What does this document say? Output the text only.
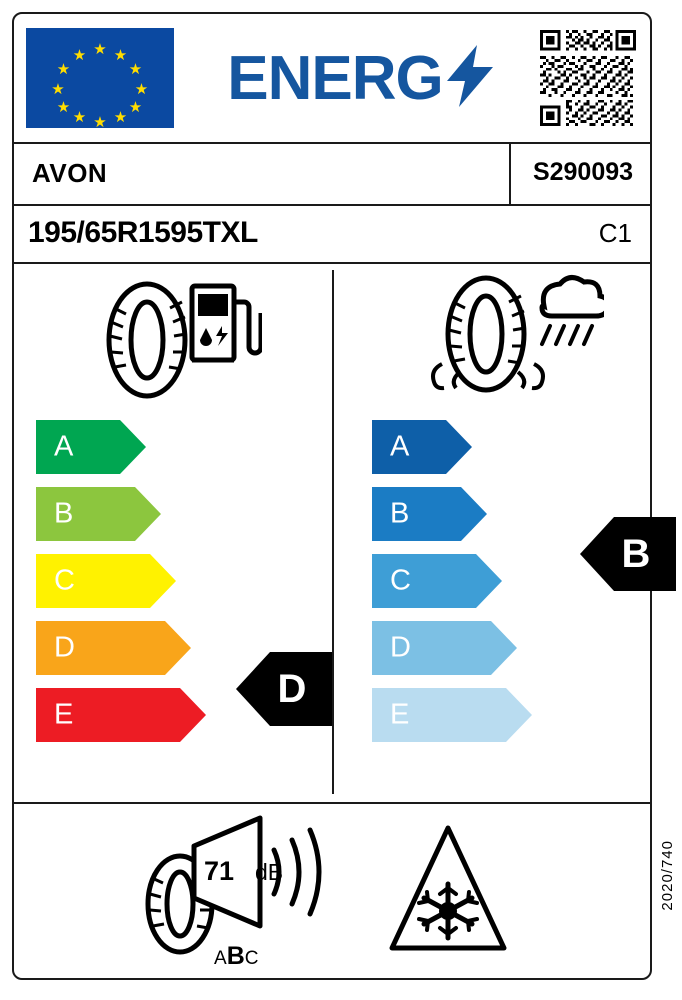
★
★
★
★
★
★ ★ ★
★
★
★
★ ENERG
AVON	S290093
195/65R1595TXL	C1
A
B
C
D
E
A
B
C
D
E
D
B
71 dB
ABC
2020/740
